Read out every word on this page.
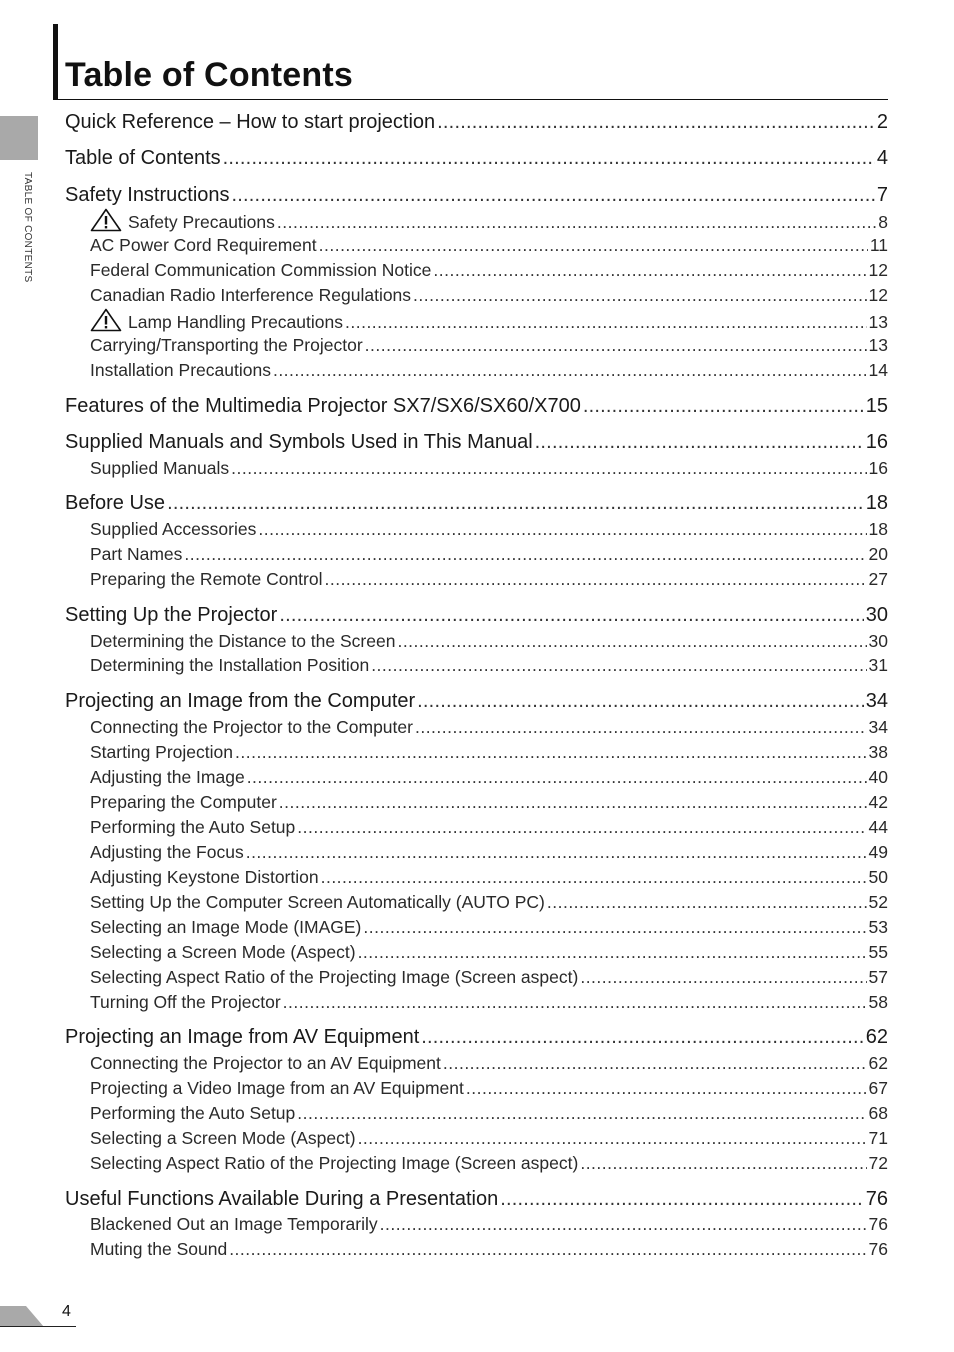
Table of Contents
TABLE OF CONTENTS
Quick Reference – How to start projection .....	2
Table of Contents .....	4
Safety Instructions .....	7
Safety Precautions .....	8
AC Power Cord Requirement .....	11
Federal Communication Commission Notice .....	12
Canadian Radio Interference Regulations .....	12
Lamp Handling Precautions .....	13
Carrying/Transporting the Projector .....	13
Installation Precautions .....	14
Features of the Multimedia Projector SX7/SX6/SX60/X700 .....	15
Supplied Manuals and Symbols Used in This Manual .....	16
Supplied Manuals .....	16
Before Use .....	18
Supplied Accessories .....	18
Part Names .....	20
Preparing the Remote Control .....	27
Setting Up the Projector .....	30
Determining the Distance to the Screen .....	30
Determining the Installation Position .....	31
Projecting an Image from the Computer .....	34
Connecting the Projector to the Computer .....	34
Starting Projection .....	38
Adjusting the Image .....	40
Preparing the Computer .....	42
Performing the Auto Setup .....	44
Adjusting the Focus .....	49
Adjusting Keystone Distortion .....	50
Setting Up the Computer Screen Automatically (AUTO PC) .....	52
Selecting an Image Mode (IMAGE) .....	53
Selecting a Screen Mode (Aspect) .....	55
Selecting Aspect Ratio of the Projecting Image (Screen aspect) .....	57
Turning Off the Projector .....	58
Projecting an Image from AV Equipment .....	62
Connecting the Projector to an AV Equipment .....	62
Projecting a Video Image from an AV Equipment .....	67
Performing the Auto Setup .....	68
Selecting a Screen Mode (Aspect) .....	71
Selecting Aspect Ratio of the Projecting Image (Screen aspect) .....	72
Useful Functions Available During a Presentation .....	76
Blackened Out an Image Temporarily .....	76
Muting the Sound .....	76
4
